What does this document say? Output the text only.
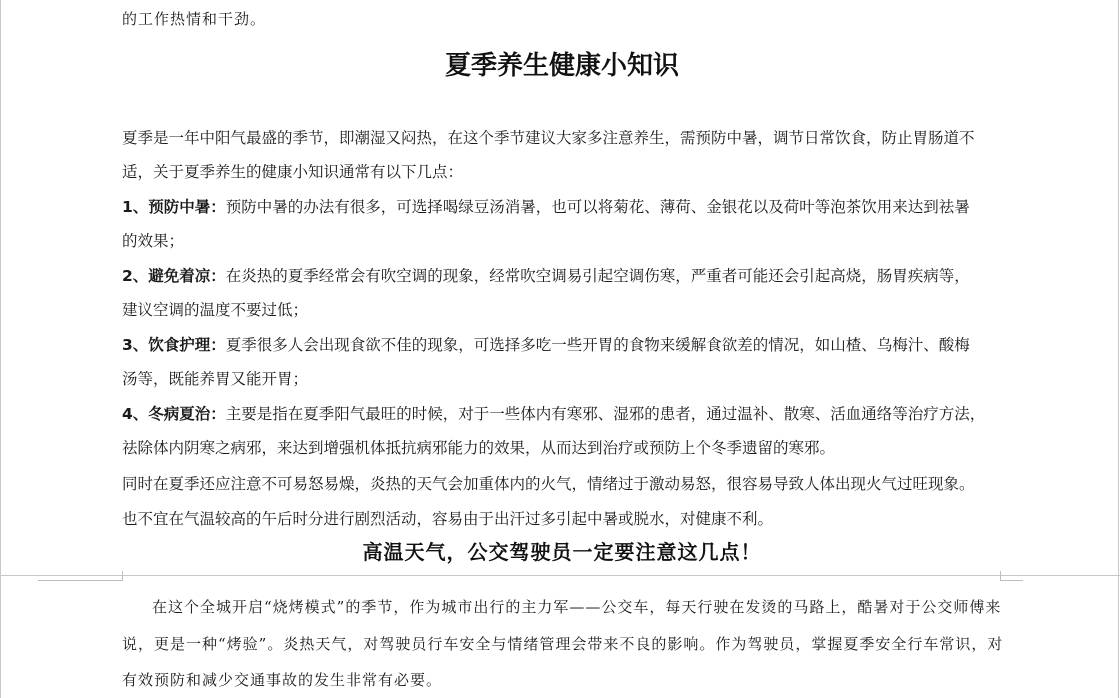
的工作热情和干劲。
夏季养生健康小知识
夏季是一年中阳气最盛的季节，即潮湿又闷热，在这个季节建议大家多注意养生，需预防中暑，调节日常饮食，防止胃肠道不
适，关于夏季养生的健康小知识通常有以下几点：
1、预防中暑：预防中暑的办法有很多，可选择喝绿豆汤消暑，也可以将菊花、薄荷、金银花以及荷叶等泡茶饮用来达到祛暑
的效果；
2、避免着凉：在炎热的夏季经常会有吹空调的现象，经常吹空调易引起空调伤寒，严重者可能还会引起高烧，肠胃疾病等，
建议空调的温度不要过低；
3、饮食护理：夏季很多人会出现食欲不佳的现象，可选择多吃一些开胃的食物来缓解食欲差的情况，如山楂、乌梅汁、酸梅
汤等，既能养胃又能开胃；
4、冬病夏治：主要是指在夏季阳气最旺的时候，对于一些体内有寒邪、湿邪的患者，通过温补、散寒、活血通络等治疗方法，
祛除体内阴寒之病邪，来达到增强机体抵抗病邪能力的效果，从而达到治疗或预防上个冬季遗留的寒邪。
同时在夏季还应注意不可易怒易燥，炎热的天气会加重体内的火气，情绪过于激动易怒，很容易导致人体出现火气过旺现象。
也不宜在气温较高的午后时分进行剧烈活动，容易由于出汗过多引起中暑或脱水，对健康不利。
高温天气，公交驾驶员一定要注意这几点！
在这个全城开启“烧烤模式”的季节，作为城市出行的主力军——公交车，每天行驶在发烫的马路上，酷暑对于公交师傅来
说，更是一种“烤验”。炎热天气，对驾驶员行车安全与情绪管理会带来不良的影响。作为驾驶员，掌握夏季安全行车常识，对
有效预防和减少交通事故的发生非常有必要。
